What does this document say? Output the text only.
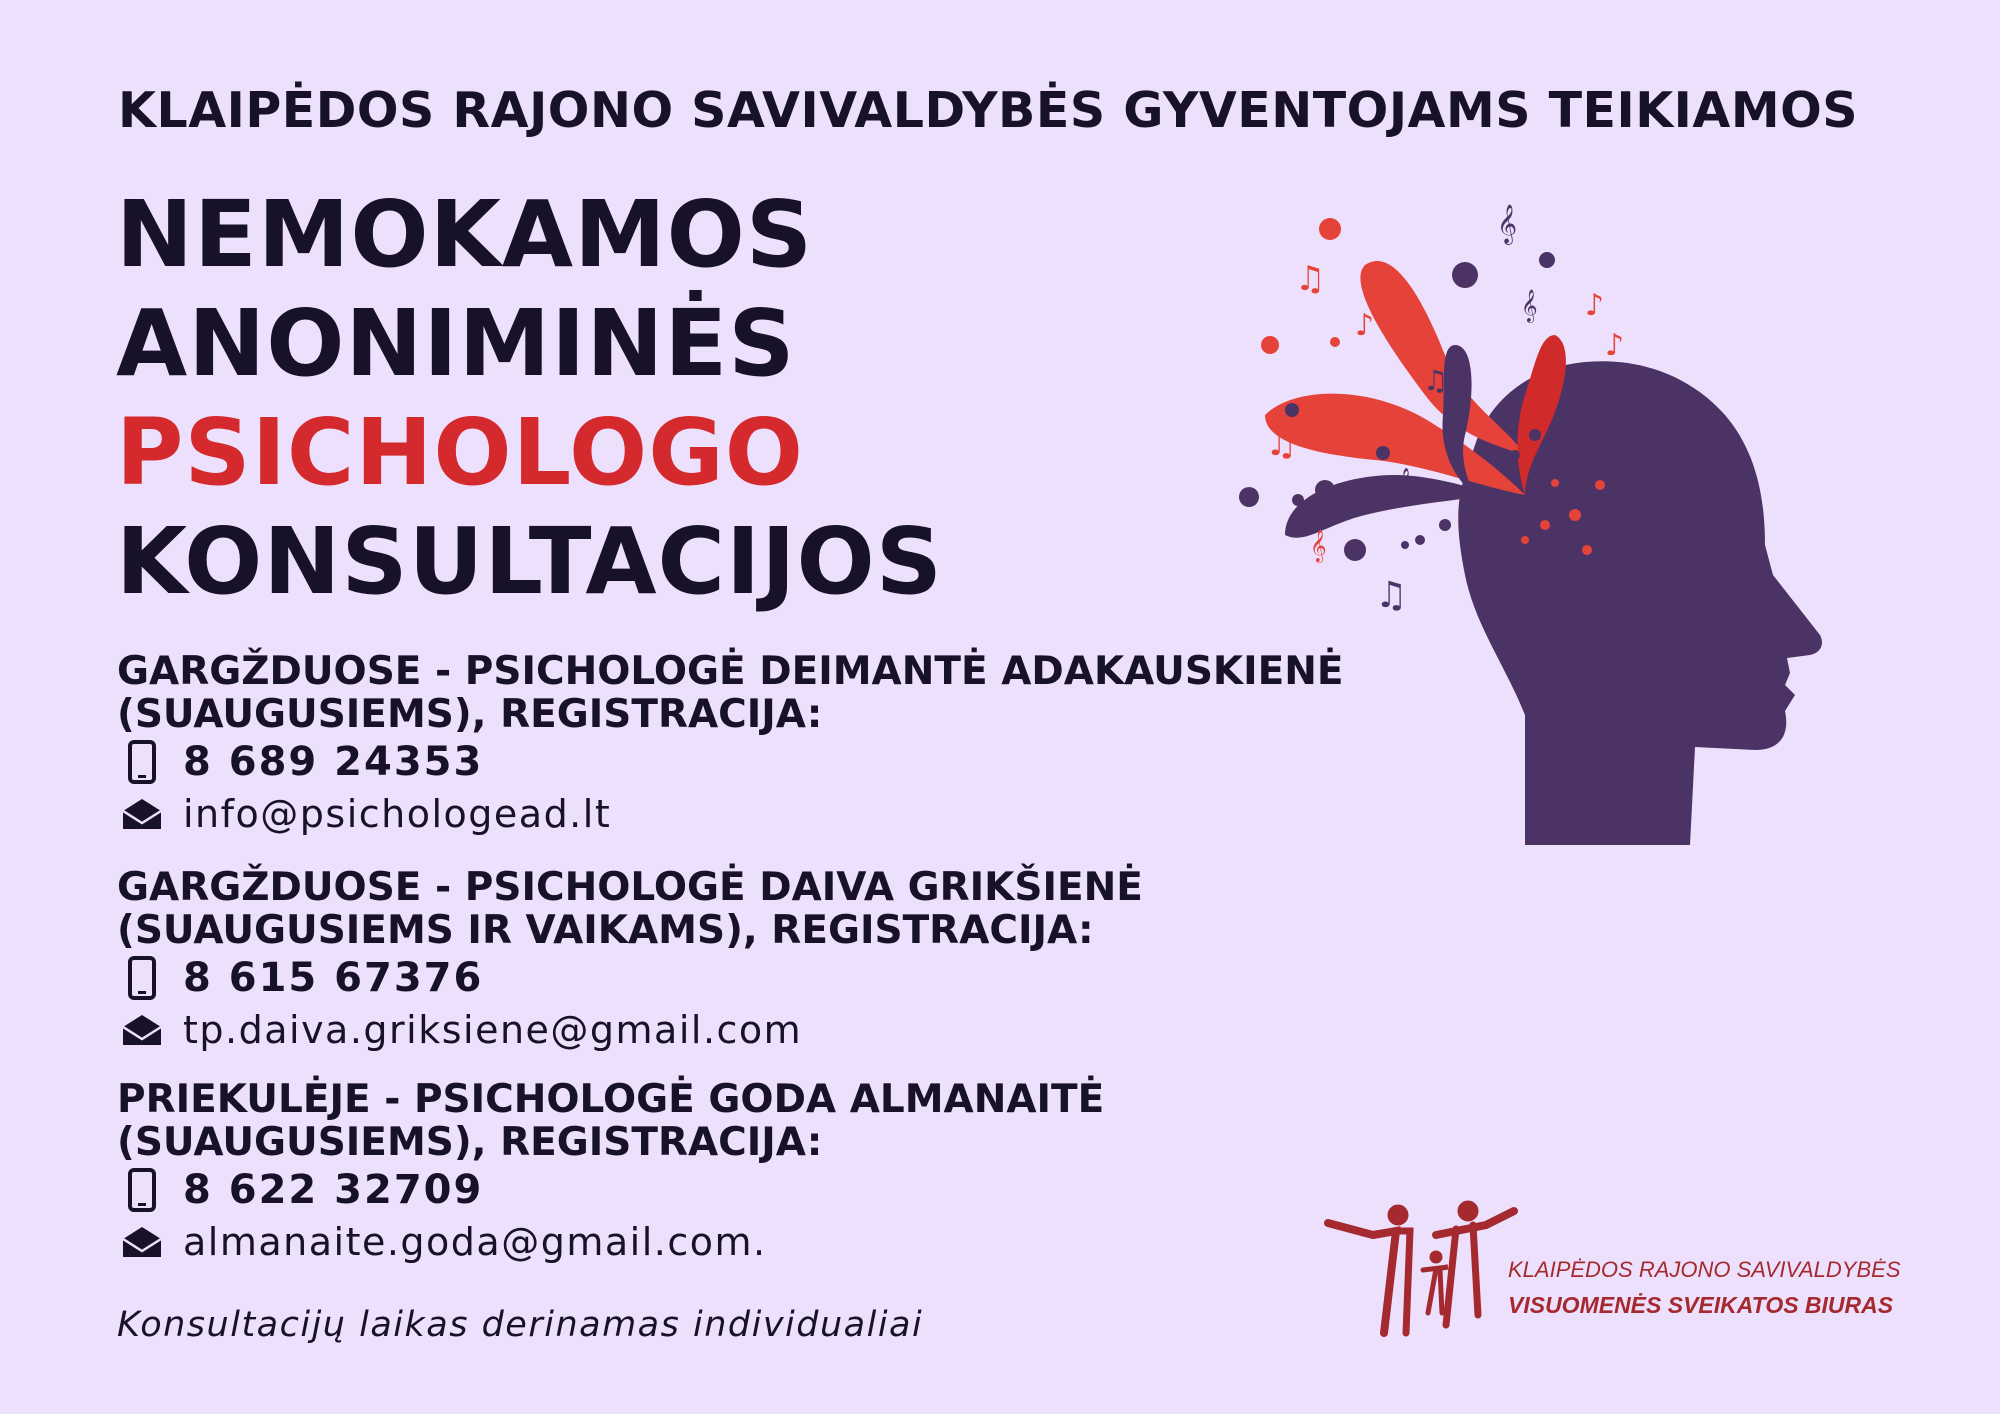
KLAIPĖDOS RAJONO SAVIVALDYBĖS GYVENTOJAMS TEIKIAMOS
NEMOKAMOS
ANONIMINĖS
PSICHOLOGO
KONSULTACIJOS
GARGŽDUOSE - PSICHOLOGĖ DEIMANTĖ ADAKAUSKIENĖ
(SUAUGUSIEMS), REGISTRACIJA:
8 689 24353
info@psichologead.lt
GARGŽDUOSE - PSICHOLOGĖ DAIVA GRIKŠIENĖ
(SUAUGUSIEMS IR VAIKAMS), REGISTRACIJA:
8 615 67376
tp.daiva.griksiene@gmail.com
PRIEKULĖJE - PSICHOLOGĖ GODA ALMANAITĖ
(SUAUGUSIEMS), REGISTRACIJA:
8 622 32709
almanaite.goda@gmail.com.
Konsultacijų laikas derinamas individualiai
♫
♫
♪
♪
♪
♫
♫
𝄞
𝄞
𝄞
𝄞
KLAIPĖDOS RAJONO SAVIVALDYBĖS
VISUOMENĖS SVEIKATOS BIURAS
